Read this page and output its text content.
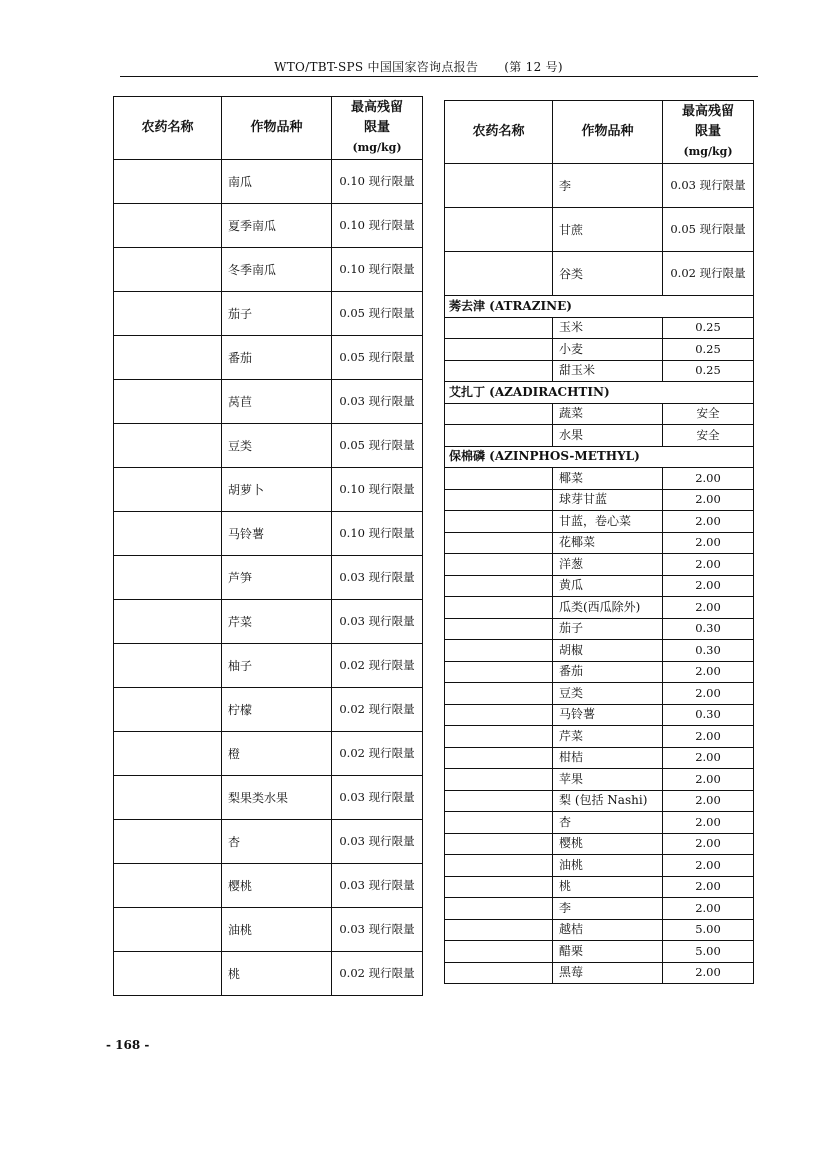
WTO/TBT-SPS 中国国家咨询点报告 (第 12 号)
农药名称	作物品种	最高残留
限量
(mg/kg)

	南瓜	0.10 现行限量
	夏季南瓜	0.10 现行限量
	冬季南瓜	0.10 现行限量
	茄子	0.05 现行限量
	番茄	0.05 现行限量
	莴苣	0.03 现行限量
	豆类	0.05 现行限量
	胡萝卜	0.10 现行限量
	马铃薯	0.10 现行限量
	芦笋	0.03 现行限量
	芹菜	0.03 现行限量
	柚子	0.02 现行限量
	柠檬	0.02 现行限量
	橙	0.02 现行限量
	梨果类水果	0.03 现行限量
	杏	0.03 现行限量
	樱桃	0.03 现行限量
	油桃	0.03 现行限量
	桃	0.02 现行限量
农药名称	作物品种	最高残留
限量
(mg/kg)

	李	0.03 现行限量
	甘蔗	0.05 现行限量
	谷类	0.02 现行限量
莠去津 (ATRAZINE)		
	玉米	0.25
	小麦	0.25
	甜玉米	0.25
艾扎丁 (AZADIRACHTIN)		
	蔬菜	安全
	水果	安全
保棉磷 (AZINPHOS-METHYL)		
	椰菜	2.00
	球芽甘蓝	2.00
	甘蓝，卷心菜	2.00
	花椰菜	2.00
	洋葱	2.00
	黄瓜	2.00
	瓜类(西瓜除外)	2.00
	茄子	0.30
	胡椒	0.30
	番茄	2.00
	豆类	2.00
	马铃薯	0.30
	芹菜	2.00
	柑桔	2.00
	苹果	2.00
	梨 (包括 Nashi)	2.00
	杏	2.00
	樱桃	2.00
	油桃	2.00
	桃	2.00
	李	2.00
	越桔	5.00
	醋栗	5.00
	黑莓	2.00
- 168 -
